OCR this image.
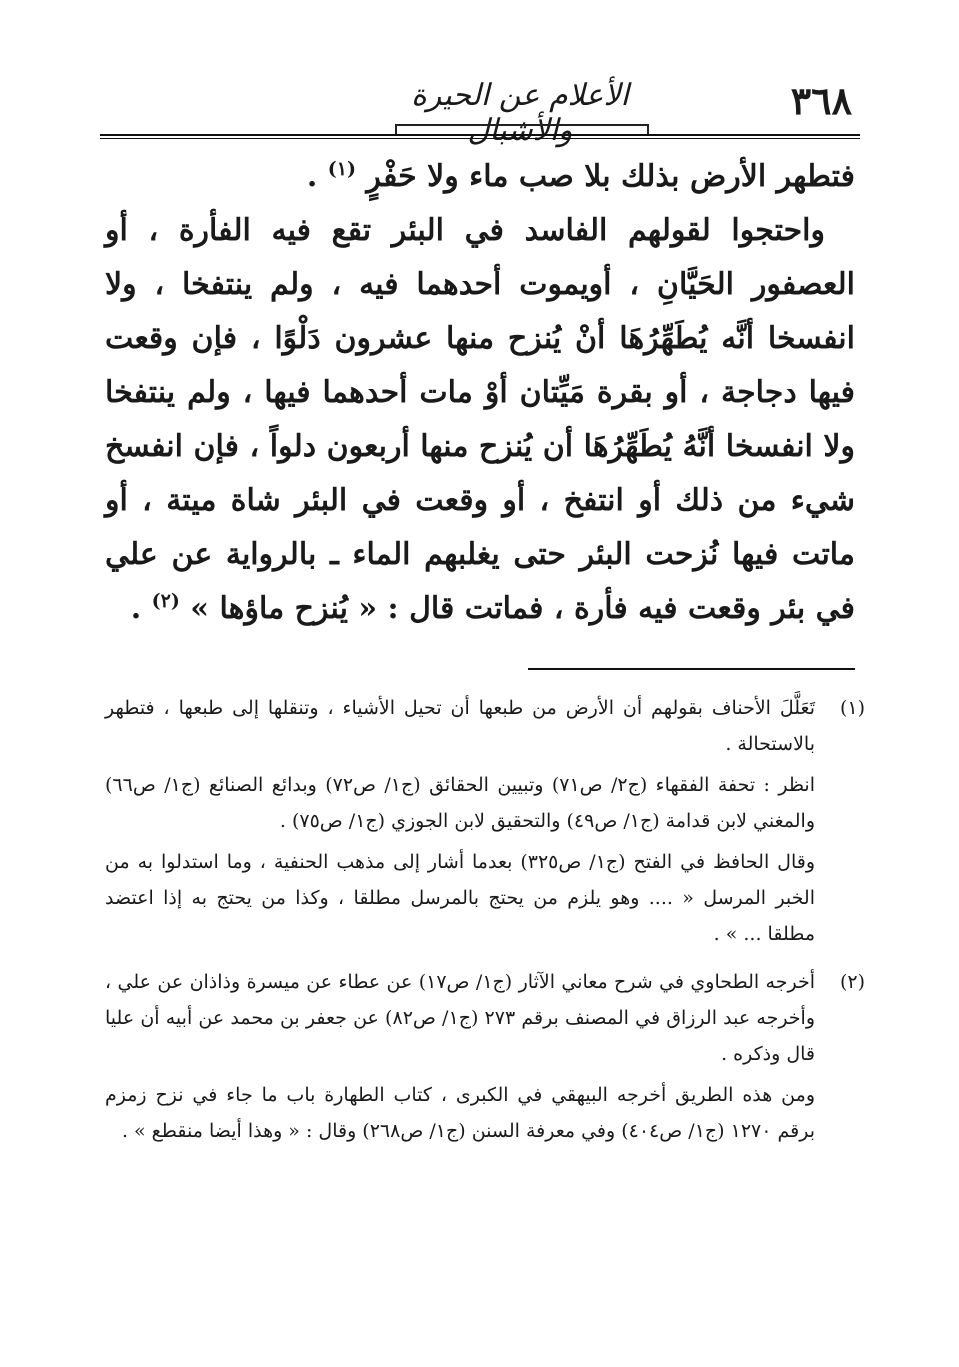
٣٦٨
الأعلام عن الحيرة والأشبال

فتطهر الأرض بذلك بلا صب ماء ولا حَفْرٍ $^{(١)}$ .

واحتجوا لقولهم الفاسد في البئر تقع فيه الفأرة ، أو العصفور الحَيَّانِ ، أويموت أحدهما فيه ، ولم ينتفخا ، ولا انفسخا أنَّه يُطَهِّرُهَا أنْ يُنزح منها عشرون دَلْوًا ، فإن وقعت فيها دجاجة ، أو بقرة مَيِّتان أوْ مات أحدهما فيها ، ولم ينتفخا ولا انفسخا أنَّهُ يُطَهِّرُهَا أن يُنزح منها أربعون دلواً ، فإن انفسخ شيء من ذلك أو انتفخ ، أو وقعت في البئر شاة ميتة ، أو ماتت فيها نُزحت البئر حتى يغلبهم الماء ـ بالرواية عن علي في بئر وقعت فيه فأرة ، فماتت قال : « يُنزح ماؤها » $^{(٢)}$ .

(١)

تَعَلَّلَ الأحناف بقولهم أن الأرض من طبعها أن تحيل الأشياء ، وتنقلها إلى طبعها ، فتطهر بالاستحالة .

انظر : تحفة الفقهاء (ج٢/ ص٧١) وتبيين الحقائق (ج١/ ص٧٢) وبدائع الصنائع (ج١/ ص٦٦) والمغني لابن قدامة (ج١/ ص٤٩) والتحقيق لابن الجوزي (ج١/ ص٧٥) .

وقال الحافظ في الفتح (ج١/ ص٣٢٥) بعدما أشار إلى مذهب الحنفية ، وما استدلوا به من الخبر المرسل « .... وهو يلزم من يحتج بالمرسل مطلقا ، وكذا من يحتج به إذا اعتضد مطلقا ... » .

(٢)

أخرجه الطحاوي في شرح معاني الآثار (ج١/ ص١٧) عن عطاء عن ميسرة وذاذان عن علي ، وأخرجه عبد الرزاق في المصنف برقم ٢٧٣ (ج١/ ص٨٢) عن جعفر بن محمد عن أبيه أن عليا قال وذكره .

ومن هذه الطريق أخرجه البيهقي في الكبرى ، كتاب الطهارة باب ما جاء في نزح زمزم برقم ١٢٧٠ (ج١/ ص٤٠٤) وفي معرفة السنن (ج١/ ص٢٦٨) وقال : « وهذا أيضا منقطع » .
